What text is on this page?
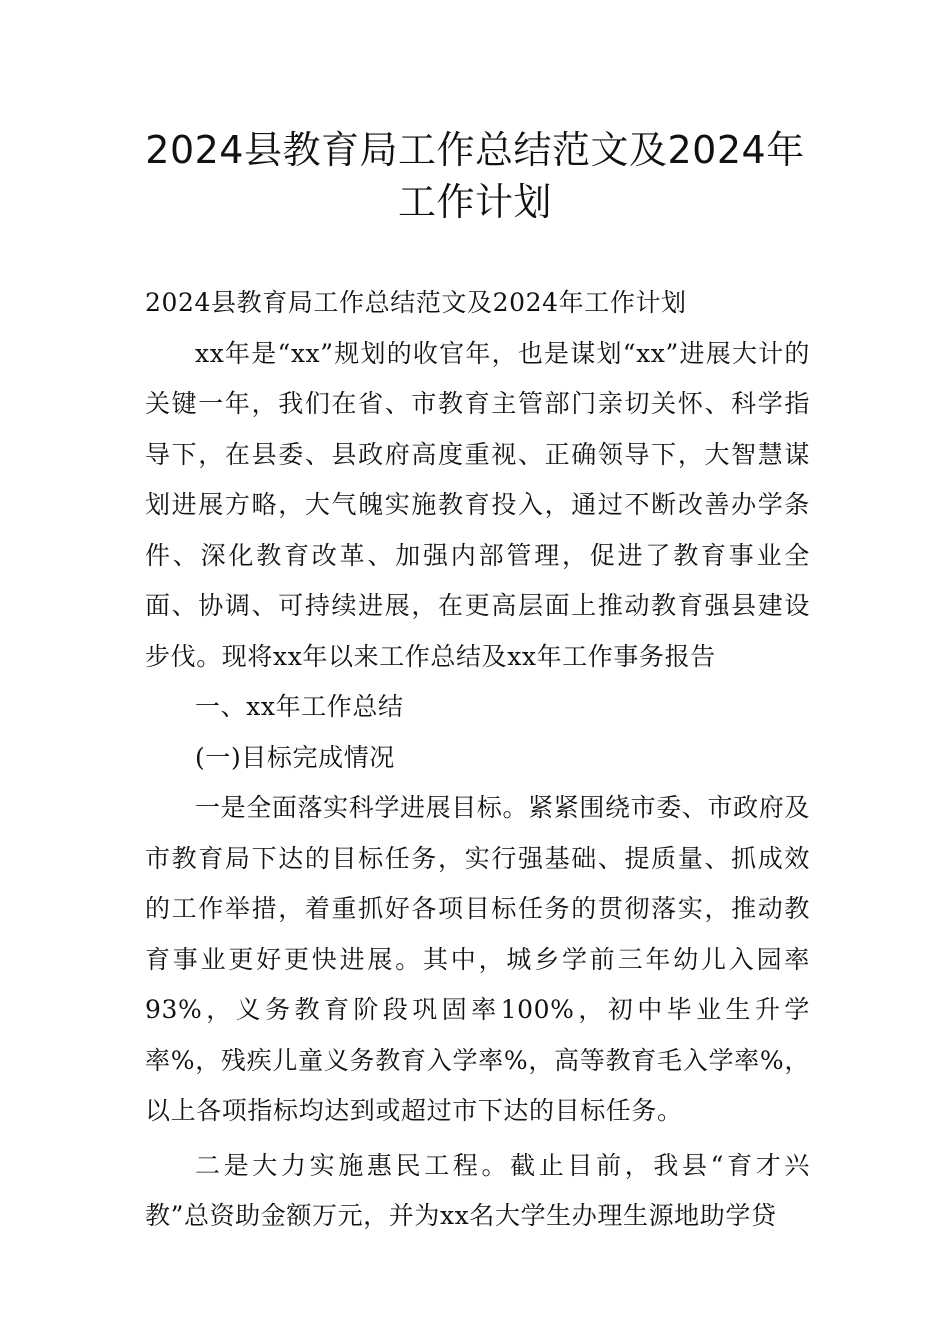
2024县教育局工作总结范文及2024年
工作计划

2024县教育局工作总结范文及2024年工作计划

xx年是“xx”规划的收官年，也是谋划“xx”进展大计的关键一年，我们在省、市教育主管部门亲切关怀、科学指导下，在县委、县政府高度重视、正确领导下，大智慧谋划进展方略，大气魄实施教育投入，通过不断改善办学条件、深化教育改革、加强内部管理，促进了教育事业全面、协调、可持续进展，在更高层面上推动教育强县建设步伐。现将xx年以来工作总结及xx年工作事务报告

一、xx年工作总结

(一)目标完成情况

一是全面落实科学进展目标。紧紧围绕市委、市政府及市教育局下达的目标任务，实行强基础、提质量、抓成效的工作举措，着重抓好各项目标任务的贯彻落实，推动教育事业更好更快进展。其中，城乡学前三年幼儿入园率93%，义务教育阶段巩固率100%，初中毕业生升学率%，残疾儿童义务教育入学率%，高等教育毛入学率%，以上各项指标均达到或超过市下达的目标任务。

二是大力实施惠民工程。截止目前，我县“育才兴教”总资助金额万元，并为xx名大学生办理生源地助学贷
